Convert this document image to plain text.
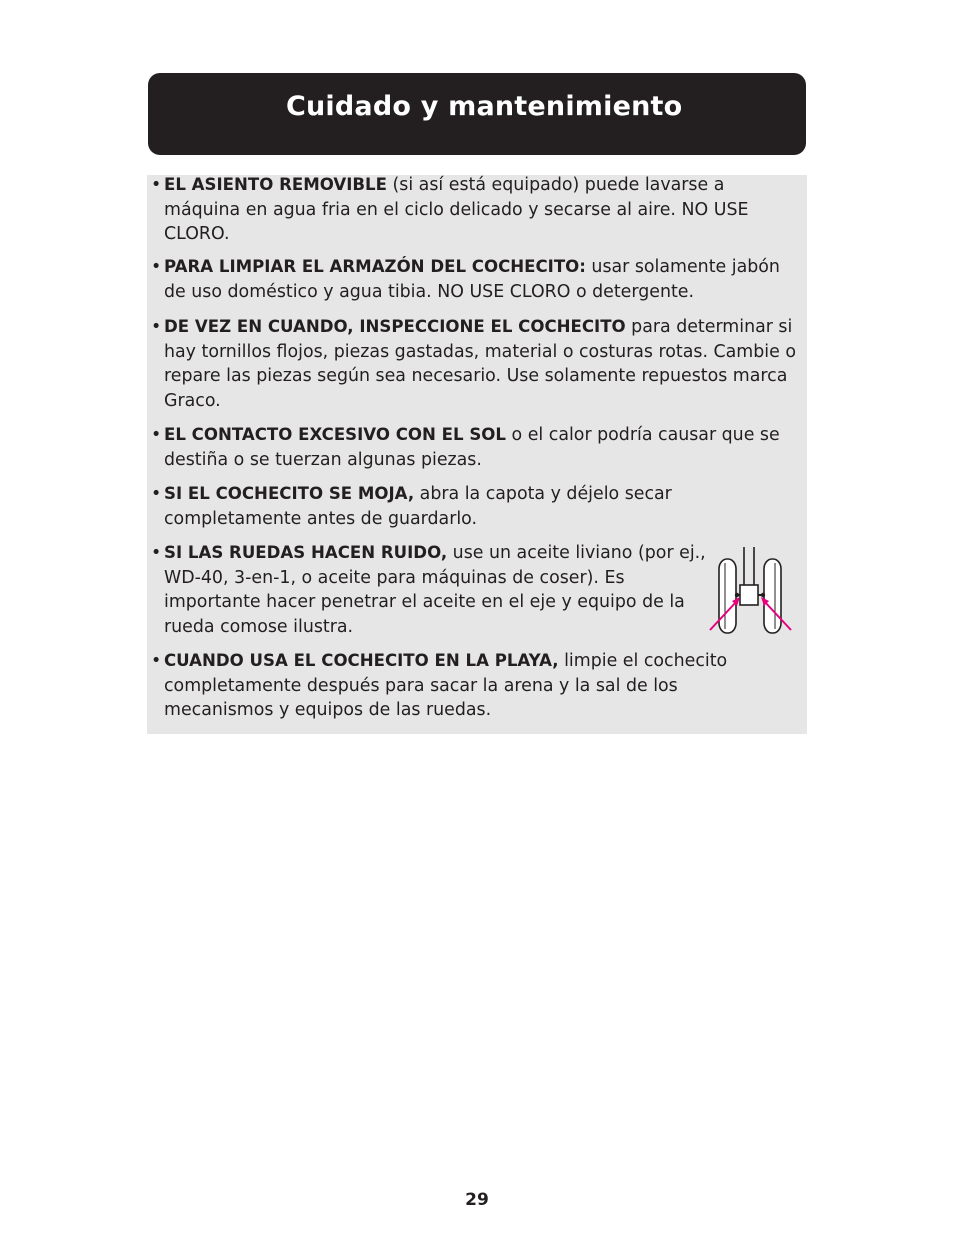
Cuidado y mantenimiento
• EL ASIENTO REMOVIBLE (si así está equipado) puede lavarse a máquina en agua fria en el ciclo delicado y secarse al aire. NO USE CLORO.
• PARA LIMPIAR EL ARMAZÓN DEL COCHECITO: usar solamente jabón de uso doméstico y agua tibia. NO USE CLORO o detergente.
• DE VEZ EN CUANDO, INSPECCIONE EL COCHECITO para determinar si hay tornillos flojos, piezas gastadas, material o costuras rotas. Cambie o repare las piezas según sea necesario. Use solamente repuestos marca Graco.
• EL CONTACTO EXCESIVO CON EL SOL o el calor podría causar que se destiña o se tuerzan algunas piezas.
• SI EL COCHECITO SE MOJA, abra la capota y déjelo secar completamente antes de guardarlo.
• SI LAS RUEDAS HACEN RUIDO, use un aceite liviano (por ej., WD-40, 3-en-1, o aceite para máquinas de coser). Es importante hacer penetrar el aceite en el eje y equipo de la rueda comose ilustra.
• CUANDO USA EL COCHECITO EN LA PLAYA, limpie el cochecito completamente después para sacar la arena y la sal de los mecanismos y equipos de las ruedas.

29
